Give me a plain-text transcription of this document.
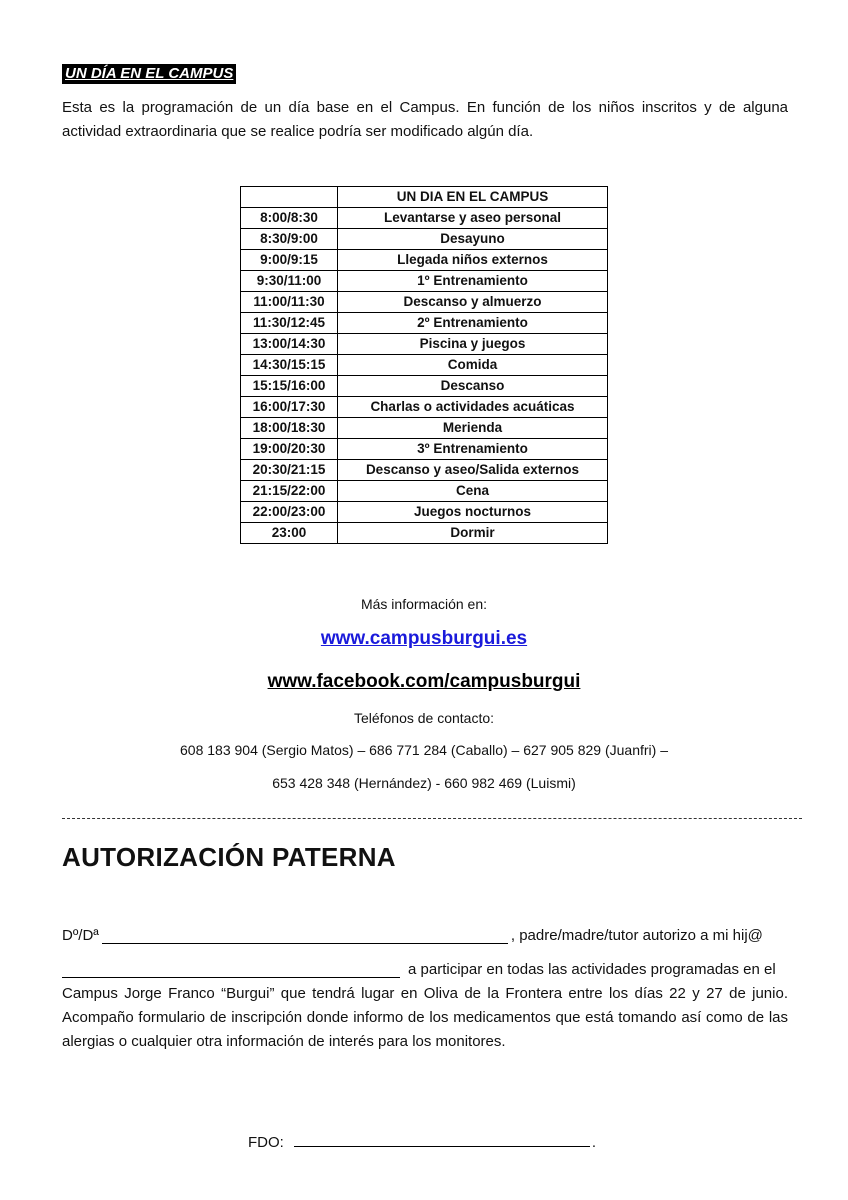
UN DÍA EN EL CAMPUS

Esta es la programación de un día base en el Campus. En función de los niños inscritos y de alguna actividad extraordinaria que se realice podría ser modificado algún día.

	UN DIA EN EL CAMPUS
8:00/8:30	Levantarse y aseo personal
8:30/9:00	Desayuno
9:00/9:15	Llegada niños externos
9:30/11:00	1º Entrenamiento
11:00/11:30	Descanso y almuerzo
11:30/12:45	2º Entrenamiento
13:00/14:30	Piscina y juegos
14:30/15:15	Comida
15:15/16:00	Descanso
16:00/17:30	Charlas o actividades acuáticas
18:00/18:30	Merienda
19:00/20:30	3º Entrenamiento
20:30/21:15	Descanso y aseo/Salida externos
21:15/22:00	Cena
22:00/23:00	Juegos nocturnos
23:00	Dormir
Más información en:
www.campusburgui.es
www.facebook.com/campusburgui
Teléfonos de contacto:
608 183 904 (Sergio Matos) – 686 771 284 (Caballo) – 627 905 829 (Juanfri) –
653 428 348 (Hernández) - 660 982 469 (Luismi)
AUTORIZACIÓN PATERNA
Dº/Dª	, padre/madre/tutor autorizo a mi hij@
a participar en todas las actividades programadas en el

Campus Jorge Franco “Burgui” que tendrá lugar en Oliva de la Frontera entre los días 22 y 27 de junio. Acompaño formulario de inscripción donde informo de los medicamentos que está tomando así como de las alergias o cualquier otra información de interés para los monitores.

FDO:	.
